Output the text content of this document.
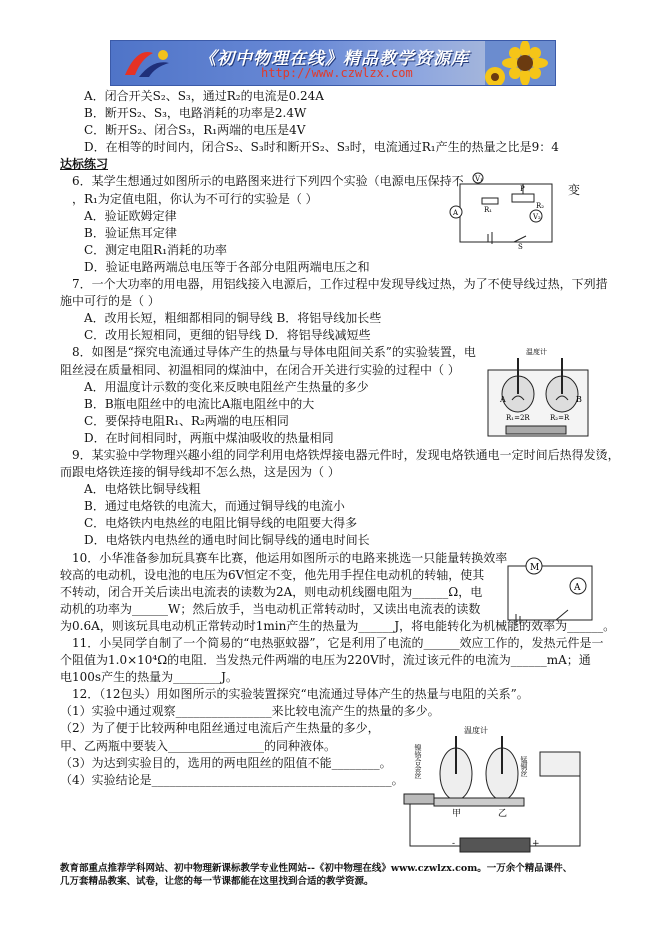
《初中物理在线》精品教学资源库
http://www.czwlzx.com
A．闭合开关S₂、S₃，通过R₂的电流是0.24A
B．断开S₂、S₃，电路消耗的功率是2.4W
C．断开S₂、闭合S₃，R₁两端的电压是4V
D．在相等的时间内，闭合S₂、S₃时和断开S₂、S₃时，电流通过R₁产生的热量之比是9：4
达标练习
6．某学生想通过如图所示的电路图来进行下列四个实验（电源电压保持不
，R₁为定值电阻，你认为不可行的实验是（ ）
A．验证欧姆定律
B．验证焦耳定律
C．测定电阻R₁消耗的功率
D．验证电路两端总电压等于各部分电阻两端电压之和
7．一个大功率的用电器，用铝线接入电源后，工作过程中发现导线过热，为了不使导线过热，下列措
施中可行的是（ ）
A．改用长短，粗细都相同的铜导线 B．将铝导线加长些
C．改用长短相同，更细的铝导线 D．将铝导线减短些
8．如图是“探究电流通过导体产生的热量与导体电阻间关系”的实验装置，电
阻丝浸在质量相同、初温相同的煤油中，在闭合开关进行实验的过程中（ ）
A．用温度计示数的变化来反映电阻丝产生热量的多少
B．B瓶电阻丝中的电流比A瓶电阻丝中的大
C．要保持电阻R₁、R₂两端的电压相同
D．在时间相同时，两瓶中煤油吸收的热量相同
9．某实验中学物理兴趣小组的同学利用电烙铁焊接电器元件时，发现电烙铁通电一定时间后热得发烫，
而跟电烙铁连接的铜导线却不怎么热，这是因为（ ）
A．电烙铁比铜导线粗
B．通过电烙铁的电流大，而通过铜导线的电流小
C．电烙铁内电热丝的电阻比铜导线的电阻要大得多
D．电烙铁内电热丝的通电时间比铜导线的通电时间长
10．小华准备参加玩具赛车比赛，他运用如图所示的电路来挑选一只能量转换效率
较高的电动机，设电池的电压为6V恒定不变，他先用手捏住电动机的转轴，使其
不转动，闭合开关后读出电流表的读数为2A，则电动机线圈电阻为______Ω，电
动机的功率为______W；然后放手，当电动机正常转动时，又读出电流表的读数
为0.6A，则该玩具电动机正常转动时1min产生的热量为______J，将电能转化为机械能的效率为______。
11．小吴同学自制了一个简易的“电热驱蚊器”，它是利用了电流的______效应工作的，发热元件是一
个阻值为1.0×10⁴Ω的电阻．当发热元件两端的电压为220V时，流过该元件的电流为______mA；通
电100s产生的热量为________J。
12．（12包头）用如图所示的实验装置探究“电流通过导体产生的热量与电阻的关系”。
（1）实验中通过观察________________来比较电流产生的热量的多少。
（2）为了便于比较两种电阻丝通过电流后产生热量的多少，
甲、乙两瓶中要装入________________的同种液体。
（3）为达到实验目的，选用的两电阻丝的阻值不能________。
（4）实验结论是________________________________________。
变
V₁
A	V₂
R₁	R₂
P
S
温度计
A	B
R₁=2R	R₂=R
M
A
-	+
温度计
甲	乙
镍铬合金丝	锰铜丝
教育部重点推荐学科网站、初中物理新课标教学专业性网站--《初中物理在线》www.czwlzx.com。一万余个精品课件、
几万套精品教案、试卷，让您的每一节课都能在这里找到合适的教学资源。
